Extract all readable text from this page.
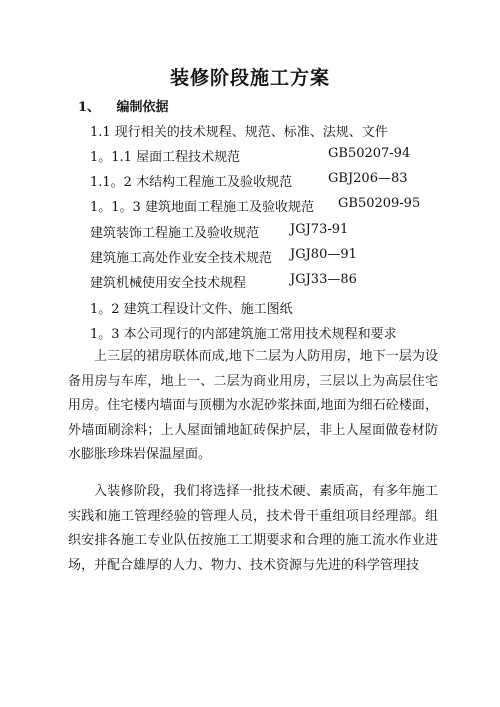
装修阶段施工方案
1、 编制依据
1.1 现行相关的技术规程、规范、标准、法规、文件
1。1.1 屋面工程技术规范	GB50207-94
1.1。2 木结构工程施工及验收规范	GBJ206—83
1。1。3 建筑地面工程施工及验收规范 GB50209-95
建筑装饰工程施工及验收规范 JGJ73-91
建筑施工高处作业安全技术规范 JGJ80—91
建筑机械使用安全技术规程	JGJ33—86
1。2 建筑工程设计文件、施工图纸
1。3 本公司现行的内部建筑施工常用技术规程和要求
上三层的裙房联体而成,地下二层为人防用房，地下一层为设备用房与车库，地上一、二层为商业用房，三层以上为高层住宅用房。住宅楼内墙面与顶棚为水泥砂浆抹面,地面为细石砼楼面，外墙面刷涂料；上人屋面铺地缸砖保护层，非上人屋面做卷材防水膨胀珍珠岩保温屋面。
入装修阶段，我们将选择一批技术硬、素质高，有多年施工实践和施工管理经验的管理人员，技术骨干重组项目经理部。组织安排各施工专业队伍按施工工期要求和合理的施工流水作业进场，并配合雄厚的人力、物力、技术资源与先进的科学管理技
